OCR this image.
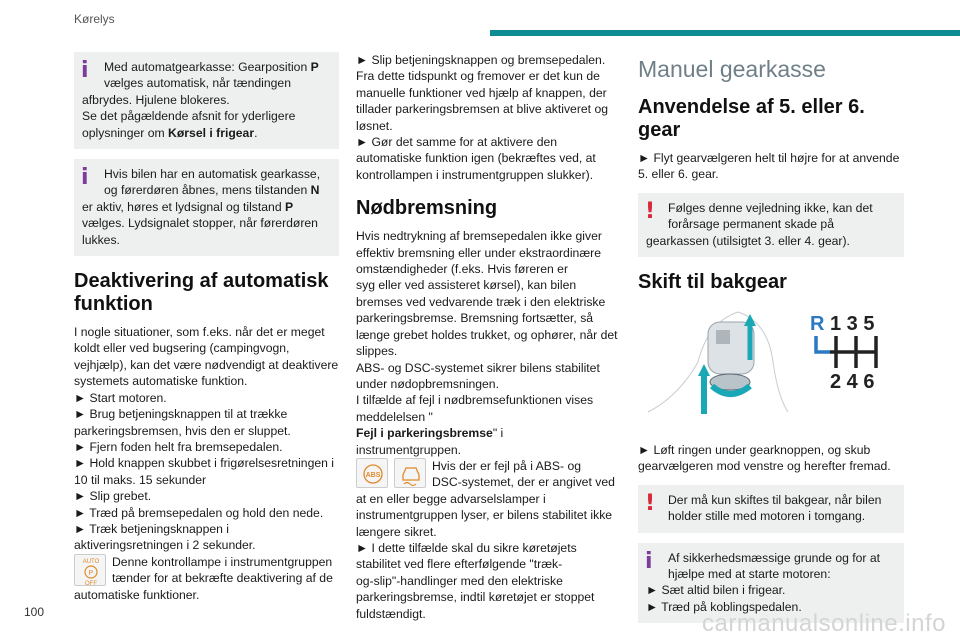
Kørelys
i	Med automatgearkasse: Gearposition P

vælges automatisk, når tændingen

afbrydes. Hjulene blokeres.

Se det pågældende afsnit for yderligere

oplysninger om Kørsel i frigear.

i	Hvis bilen har en automatisk gearkasse,

og førerdøren åbnes, mens tilstanden N

er aktiv, høres et lydsignal og tilstand P

vælges. Lydsignalet stopper, når førerdøren

lukkes.

Deaktivering af automatisk funktion
I nogle situationer, som f.eks. når det er meget
koldt eller ved bugsering (campingvogn,
vejhjælp), kan det være nødvendigt at deaktivere
systemets automatiske funktion.
► Start motoren.
► Brug betjeningsknappen til at trække
parkeringsbremsen, hvis den er sluppet.
► Fjern foden helt fra bremsepedalen.
► Hold knappen skubbet i frigørelsesretningen i
10 til maks. 15 sekunder
► Slip grebet.
► Træd på bremsepedalen og hold den nede.
► Træk betjeningsknappen i
aktiveringsretningen i 2 sekunder.
AUTO
P
OFF
Denne kontrollampe i instrumentgruppen
tænder for at bekræfte deaktivering af de
automatiske funktioner.
► Slip betjeningsknappen og bremsepedalen.
Fra dette tidspunkt og fremover er det kun de
manuelle funktioner ved hjælp af knappen, der
tillader parkeringsbremsen at blive aktiveret og
løsnet.
► Gør det samme for at aktivere den
automatiske funktion igen (bekræftes ved, at
kontrollampen i instrumentgruppen slukker).
Nødbremsning
Hvis nedtrykning af bremsepedalen ikke giver
effektiv bremsning eller under ekstraordinære
omstændigheder (f.eks. Hvis føreren er
syg eller ved assisteret kørsel), kan bilen
bremses ved vedvarende træk i den elektriske
parkeringsbremse. Bremsning fortsætter, så
længe grebet holdes trukket, og ophører, når det
slippes.
ABS- og DSC-systemet sikrer bilens stabilitet
under nødopbremsningen.
I tilfælde af fejl i nødbremsefunktionen vises
meddelelsen "
Fejl i parkeringsbremse" i
instrumentgruppen.
ABS
Hvis der er fejl på i ABS- og
DSC-systemet, der er angivet ved
at en eller begge advarselslamper i
instrumentgruppen lyser, er bilens stabilitet ikke
længere sikret.
► I dette tilfælde skal du sikre køretøjets
stabilitet ved flere efterfølgende "træk-
og-slip"-handlinger med den elektriske
parkeringsbremse, indtil køretøjet er stoppet
fuldstændigt.
Manuel gearkasse
Anvendelse af 5. eller 6. gear
► Flyt gearvælgeren helt til højre for at anvende
5. eller 6. gear.
!	Følges denne vejledning ikke, kan det

forårsage permanent skade på

gearkassen (utilsigtet 3. eller 4. gear).

Skift til bakgear
R 1 3 5
2 4 6
► Løft ringen under gearknoppen, og skub
gearvælgeren mod venstre og herefter fremad.
!	Der må kun skiftes til bakgear, når bilen

holder stille med motoren i tomgang.

i	Af sikkerhedsmæssige grunde og for at

hjælpe med at starte motoren:

► Sæt altid bilen i frigear.

► Træd på koblingspedalen.

100	carmanualsonline.info
